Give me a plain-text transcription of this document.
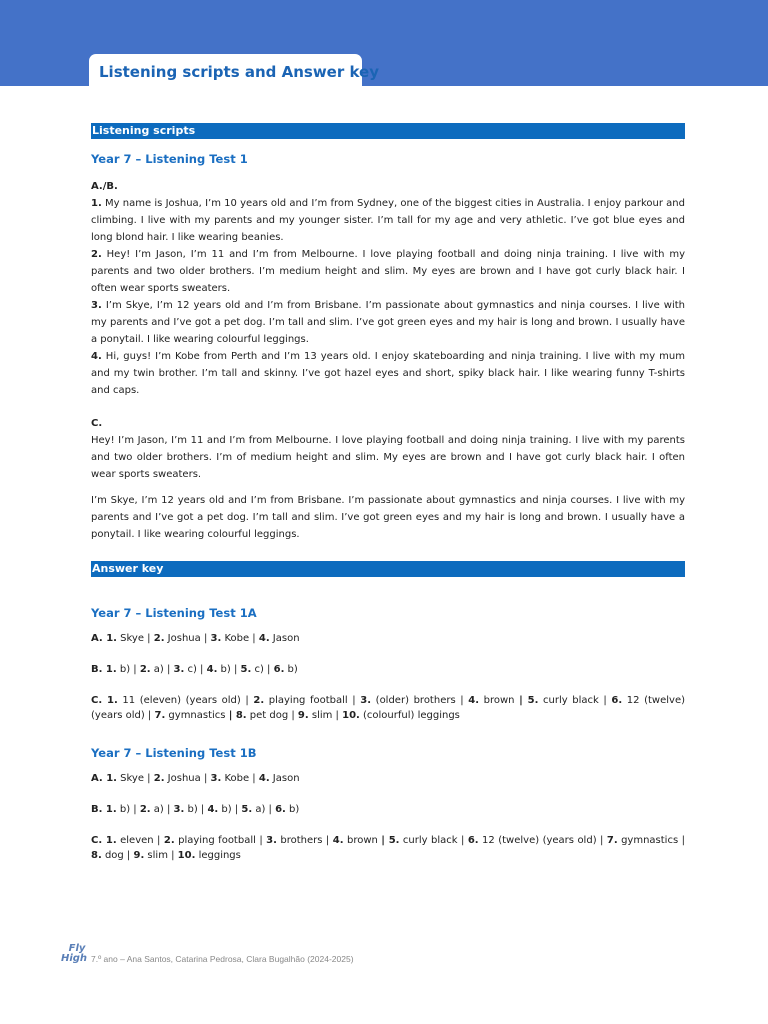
Listening scripts and Answer key
Listening scripts
Year 7 – Listening Test 1

A./B.

1. My name is Joshua, I’m 10 years old and I’m from Sydney, one of the biggest cities in Australia. I enjoy parkour and climbing. I live with my parents and my younger sister. I’m tall for my age and very athletic. I’ve got blue eyes and long blond hair. I like wearing beanies.

2. Hey! I’m Jason, I’m 11 and I’m from Melbourne. I love playing football and doing ninja training. I live with my parents and two older brothers. I’m medium height and slim. My eyes are brown and I have got curly black hair. I often wear sports sweaters.

3. I’m Skye, I’m 12 years old and I’m from Brisbane. I’m passionate about gymnastics and ninja courses. I live with my parents and I’ve got a pet dog. I’m tall and slim. I’ve got green eyes and my hair is long and brown. I usually have a ponytail. I like wearing colourful leggings.

4. Hi, guys! I’m Kobe from Perth and I’m 13 years old. I enjoy skateboarding and ninja training. I live with my mum and my twin brother. I’m tall and skinny. I’ve got hazel eyes and short, spiky black hair. I like wearing funny T-shirts and caps.

C.

Hey! I’m Jason, I’m 11 and I’m from Melbourne. I love playing football and doing ninja training. I live with my parents and two older brothers. I’m of medium height and slim. My eyes are brown and I have got curly black hair. I often wear sports sweaters.

I’m Skye, I’m 12 years old and I’m from Brisbane. I’m passionate about gymnastics and ninja courses. I live with my parents and I’ve got a pet dog. I’m tall and slim. I’ve got green eyes and my hair is long and brown. I usually have a ponytail. I like wearing colourful leggings.

Answer key
Year 7 – Listening Test 1A

A. 1. Skye | 2. Joshua | 3. Kobe | 4. Jason

B. 1. b) | 2. a) | 3. c) | 4. b) | 5. c) | 6. b)

C. 1. 11 (eleven) (years old) | 2. playing football | 3. (older) brothers | 4. brown | 5. curly black | 6. 12 (twelve) (years old) | 7. gymnastics | 8. pet dog | 9. slim | 10. (colourful) leggings

Year 7 – Listening Test 1B

A. 1. Skye | 2. Joshua | 3. Kobe | 4. Jason

B. 1. b) | 2. a) | 3. b) | 4. b) | 5. a) | 6. b)

C. 1. eleven | 2. playing football | 3. brothers | 4. brown | 5. curly black | 6. 12 (twelve) (years old) | 7. gymnastics | 8. dog | 9. slim | 10. leggings

Fly
High 7.º ano – Ana Santos, Catarina Pedrosa, Clara Bugalhão (2024-2025)
